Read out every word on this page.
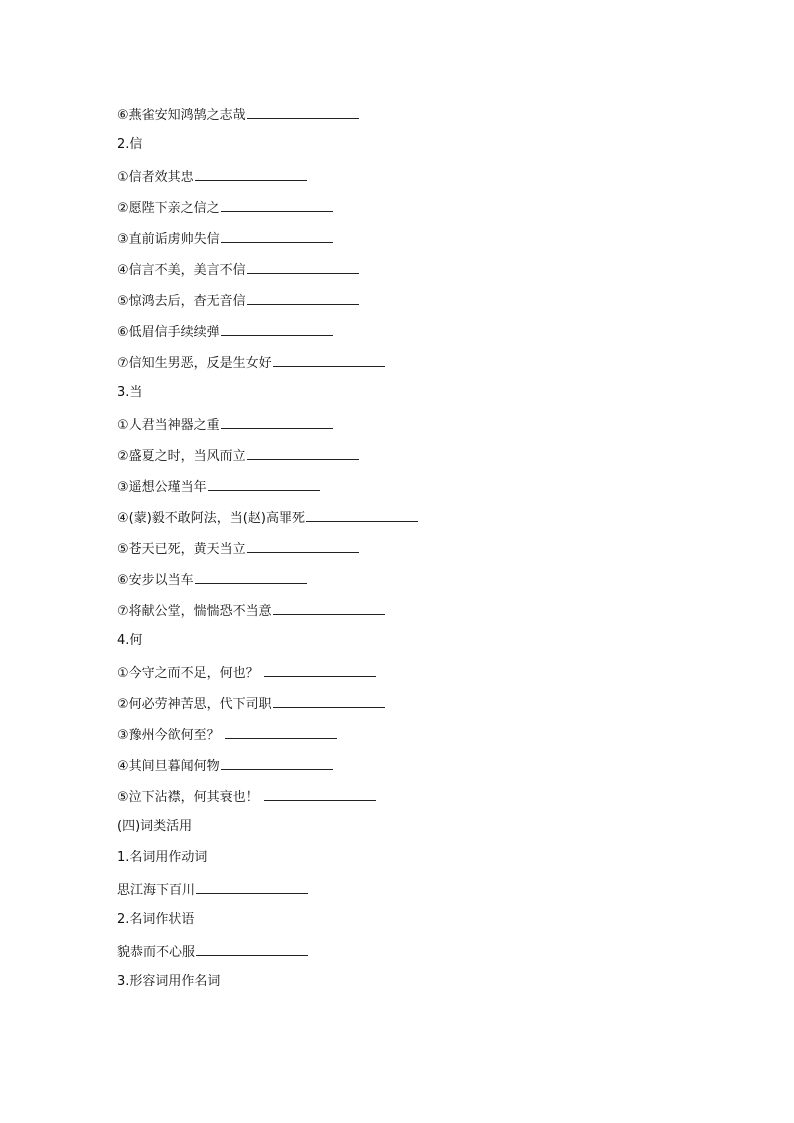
⑥燕雀安知鸿鹄之志哉
2.信
①信者效其忠
②愿陛下亲之信之
③直前诟虏帅失信
④信言不美，美言不信
⑤惊鸿去后，杳无音信
⑥低眉信手续续弹
⑦信知生男恶，反是生女好
3.当
①人君当神器之重
②盛夏之时，当风而立
③遥想公瑾当年
④(蒙)毅不敢阿法，当(赵)高罪死
⑤苍天已死，黄天当立
⑥安步以当车
⑦将献公堂，惴惴恐不当意
4.何
①今守之而不足，何也？
②何必劳神苦思，代下司职
③豫州今欲何至？
④其间旦暮闻何物
⑤泣下沾襟，何其衰也！
(四)词类活用
1.名词用作动词
思江海下百川
2.名词作状语
貌恭而不心服
3.形容词用作名词
